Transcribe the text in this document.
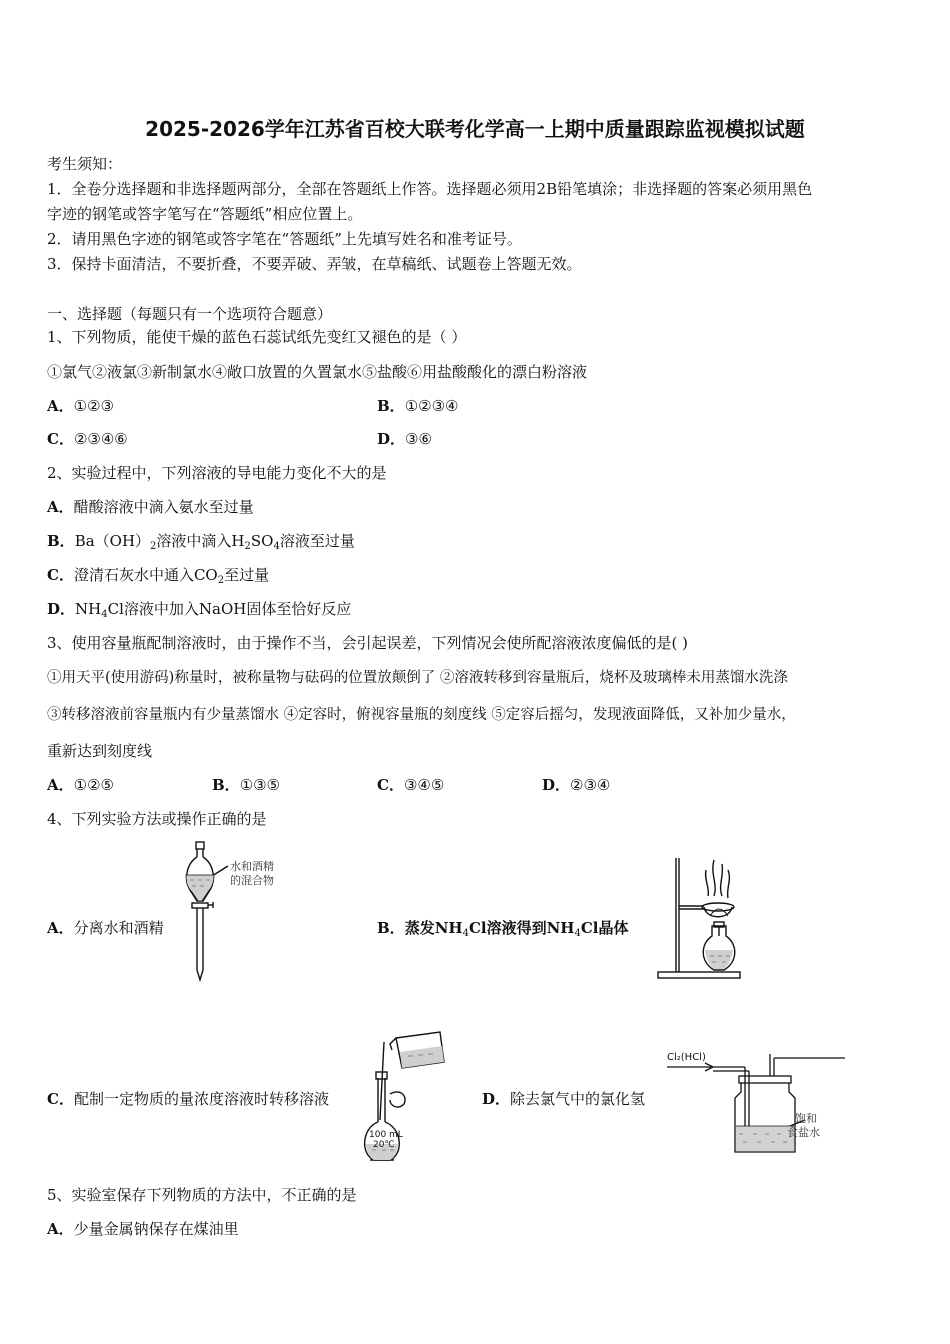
2025-2026学年江苏省百校大联考化学高一上期中质量跟踪监视模拟试题
考生须知：
1．全卷分选择题和非选择题两部分，全部在答题纸上作答。选择题必须用2B铅笔填涂；非选择题的答案必须用黑色
字迹的钢笔或答字笔写在“答题纸”相应位置上。
2．请用黑色字迹的钢笔或答字笔在“答题纸”上先填写姓名和准考证号。
3．保持卡面清洁，不要折叠，不要弄破、弄皱，在草稿纸、试题卷上答题无效。
一、选择题（每题只有一个选项符合题意）
1、下列物质，能使干燥的蓝色石蕊试纸先变红又褪色的是（ ）
①氯气②液氯③新制氯水④敞口放置的久置氯水⑤盐酸⑥用盐酸酸化的漂白粉溶液
A．①②③	B．①②③④
C．②③④⑥	D．③⑥
2、实验过程中，下列溶液的导电能力变化不大的是
A．醋酸溶液中滴入氨水至过量
B．$Ba(OH)_2$溶液中滴入$H_2SO_4$溶液至过量
C．澄清石灰水中通入$CO_2$至过量
D．$NH_4Cl$溶液中加入NaOH固体至恰好反应
3、使用容量瓶配制溶液时，由于操作不当，会引起误差，下列情况会使所配溶液浓度偏低的是( )
①用天平(使用游码)称量时，被称量物与砝码的位置放颠倒了 ②溶液转移到容量瓶后，烧杯及玻璃棒未用蒸馏水洗涤
③转移溶液前容量瓶内有少量蒸馏水 ④定容时，俯视容量瓶的刻度线 ⑤定容后摇匀，发现液面降低，又补加少量水，
重新达到刻度线
A．①②⑤	B．①③⑤	C．③④⑤	D．②③④
4、下列实验方法或操作正确的是
A．分离水和酒精
水和酒精
的混合物
B．蒸发$NH_4Cl$溶液得到$NH_4Cl$晶体
C．配制一定物质的量浓度溶液时转移溶液
100 mL
20℃
D．除去氯气中的氯化氢
Cl₂(HCl)
饱和
食盐水
5、实验室保存下列物质的方法中，不正确的是
A．少量金属钠保存在煤油里
